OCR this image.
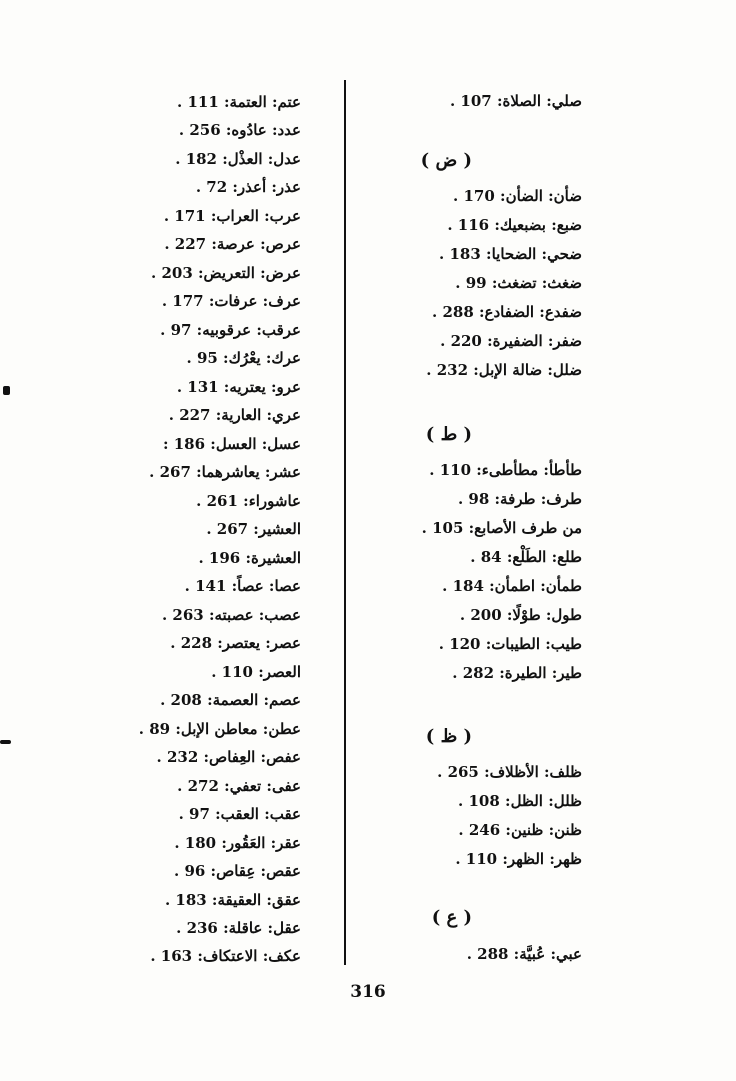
صلي: الصلاة: 107 .
( ض )
ضأن: الضأن: 170 .
ضبع: بضبعيك: 116 .
ضحي: الضحايا: 183 .
ضغث: تضغث: 99 .
ضفدع: الضفادع: 288 .
ضفر: الضفيرة: 220 .
ضلل: ضالة الإبل: 232 .
( ط )
طأطأ: مطأطىء: 110 .
طرف: طرفة: 98 .
من طرف الأصابع: 105 .
طلع: الطَلْع: 84 .
طمأن: اطمأن: 184 .
طول: طوْلًا: 200 .
طيب: الطيبات: 120 .
طير: الطيرة: 282 .
( ظ )
ظلف: الأظلاف: 265 .
ظلل: الظل: 108 .
ظنن: ظنين: 246 .
ظهر: الظهر: 110 .
( ع )
عبي: عُبيَّة: 288 .
عتم: العتمة: 111 .
عدد: عادُوه: 256 .
عدل: العذْل: 182 .
عذر: أعذر: 72 .
عرب: العراب: 171 .
عرص: عرصة: 227 .
عرض: التعريض: 203 .
عرف: عرفات: 177 .
عرقب: عرقوبيه: 97 .
عرك: يعْرُك: 95 .
عرو: يعتريه: 131 .
عري: العارية: 227 .
عسل: العسل: 186 :
عشر: يعاشرهما: 267 .
عاشوراء: 261 .
العشير: 267 .
العشيرة: 196 .
عصا: عصاً: 141 .
عصب: عصبته: 263 .
عصر: يعتصر: 228 .
العصر: 110 .
عصم: العصمة: 208 .
عطن: معاطن الإبل: 89 .
عفص: العِفاص: 232 .
عفى: تعفي: 272 .
عقب: العقب: 97 .
عقر: العَقُور: 180 .
عقص: عِقاص: 96 .
عقق: العقيقة: 183 .
عقل: عاقلة: 236 .
عكف: الاعتكاف: 163 .
316
